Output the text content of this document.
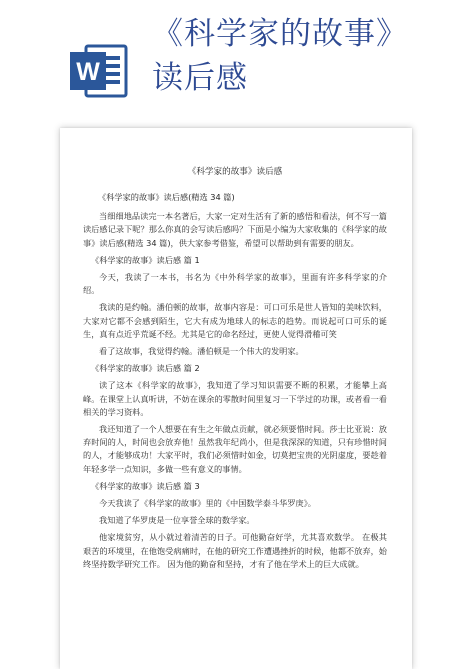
W
《科学家的故事》
读后感
《科学家的故事》读后感
《科学家的故事》读后感(精选 34 篇)
当细细地品读完一本名著后，大家一定对生活有了新的感悟和看法，何不写一篇读后感记录下呢？那么你真的会写读后感吗？下面是小编为大家收集的《科学家的故事》读后感(精选 34 篇)，供大家参考借鉴，希望可以帮助到有需要的朋友。
《科学家的故事》读后感 篇 1
今天，我读了一本书，书名为《中外科学家的故事》，里面有许多科学家的介绍。
我读的是约翰。潘伯顿的故事，故事内容是：可口可乐是世人皆知的美味饮料，大家对它都不会感到陌生，它大有成为地球人的标志的趋势。而说起可口可乐的诞生，真有点近乎荒诞不经。尤其是它的命名经过，更使人觉得滑稽可笑
看了这故事，我觉得约翰。潘伯顿是一个伟大的发明家。
《科学家的故事》读后感 篇 2
读了这本《科学家的故事》，我知道了学习知识需要不断的积累，才能攀上高峰。在课堂上认真听讲，不妨在课余的零散时间里复习一下学过的功课，或者看一看相关的学习资料。
我还知道了一个人想要在有生之年做点贡献，就必须要惜时间。莎士比亚说：放弃时间的人，时间也会放弃他！虽然我年纪尚小，但是我深深的知道，只有珍惜时间的人，才能够成功！大家平时，我们必须惜时如金，切莫把宝贵的光阴虚度，要趁着年轻多学一点知识，多做一些有意义的事情。
《科学家的故事》读后感 篇 3
今天我读了《科学家的故事》里的《中国数学泰斗华罗庚》。
我知道了华罗庚是一位享誉全球的数学家。
他家境贫穷，从小就过着清苦的日子。可他勤奋好学，尤其喜欢数学。 在极其艰苦的环境里，在他饱受病痛时，在他的研究工作遭遇挫折的时候，他都不放弃，始终坚持数学研究工作。 因为他的勤奋和坚持，才有了他在学术上的巨大成就。
